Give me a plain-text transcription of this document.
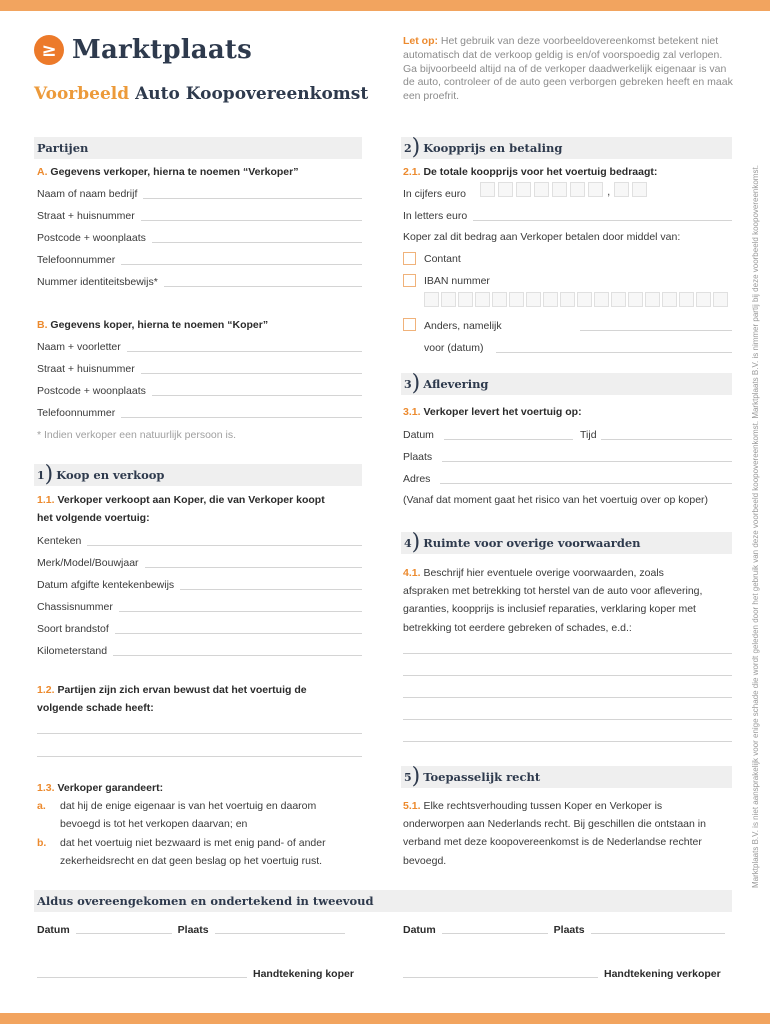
≥ Marktplaats
Voorbeeld Auto Koopovereenkomst
Let op: Het gebruik van deze voorbeeldovereenkomst betekent niet automatisch dat de verkoop geldig is en/of voorspoedig zal verlopen. Ga bijvoorbeeld altijd na of de verkoper daadwerkelijk eigenaar is van de auto, controleer of de auto geen verborgen gebreken heeft en maak een proefrit.
Marktplaats B.V. is niet aansprakelijk voor enige schade die wordt geleden door het gebruik van deze voorbeeld koopovereenkomst. Marktplaats B.V. is nimmer partij bij deze voorbeeld koopovereenkomst.
Partijen
A. Gegevens verkoper, hierna te noemen “Verkoper”
Naam of naam bedrijf
Straat + huisnummer
Postcode + woonplaats
Telefoonnummer
Nummer identiteitsbewijs*
B. Gegevens koper, hierna te noemen “Koper”
Naam + voorletter
Straat + huisnummer
Postcode + woonplaats
Telefoonnummer
* Indien verkoper een natuurlijk persoon is.
1 ) Koop en verkoop
1.1. Verkoper verkoopt aan Koper, die van Verkoper koopt
het volgende voertuig:
Kenteken
Merk/Model/Bouwjaar
Datum afgifte kentekenbewijs
Chassisnummer
Soort brandstof
Kilometerstand
1.2. Partijen zijn zich ervan bewust dat het voertuig de
volgende schade heeft:
1.3. Verkoper garandeert:
a. dat hij de enige eigenaar is van het voertuig en daarom
bevoegd is tot het verkopen daarvan; en
b. dat het voertuig niet bezwaard is met enig pand- of ander
zekerheidsrecht en dat geen beslag op het voertuig rust.
2 ) Koopprijs en betaling
2.1. De totale koopprijs voor het voertuig bedraagt:
In cijfers euro	,
In letters euro
Koper zal dit bedrag aan Verkoper betalen door middel van:
Contant
IBAN nummer
Anders, namelijk
voor (datum)
3 ) Aflevering
3.1. Verkoper levert het voertuig op:
Datum	Tijd
Plaats
Adres
(Vanaf dat moment gaat het risico van het voertuig over op koper)
4 ) Ruimte voor overige voorwaarden
4.1. Beschrijf hier eventuele overige voorwaarden, zoals
afspraken met betrekking tot herstel van de auto voor aflevering,
garanties, koopprijs is inclusief reparaties, verklaring koper met
betrekking tot eerdere gebreken of schades, e.d.:
5 ) Toepasselijk recht
5.1. Elke rechtsverhouding tussen Koper en Verkoper is
onderworpen aan Nederlands recht. Bij geschillen die ontstaan in
verband met deze koopovereenkomst is de Nederlandse rechter
bevoegd.
Aldus overeengekomen en ondertekend in tweevoud
Datum	Plaats	Datum	Plaats
Handtekening koper	Handtekening verkoper
